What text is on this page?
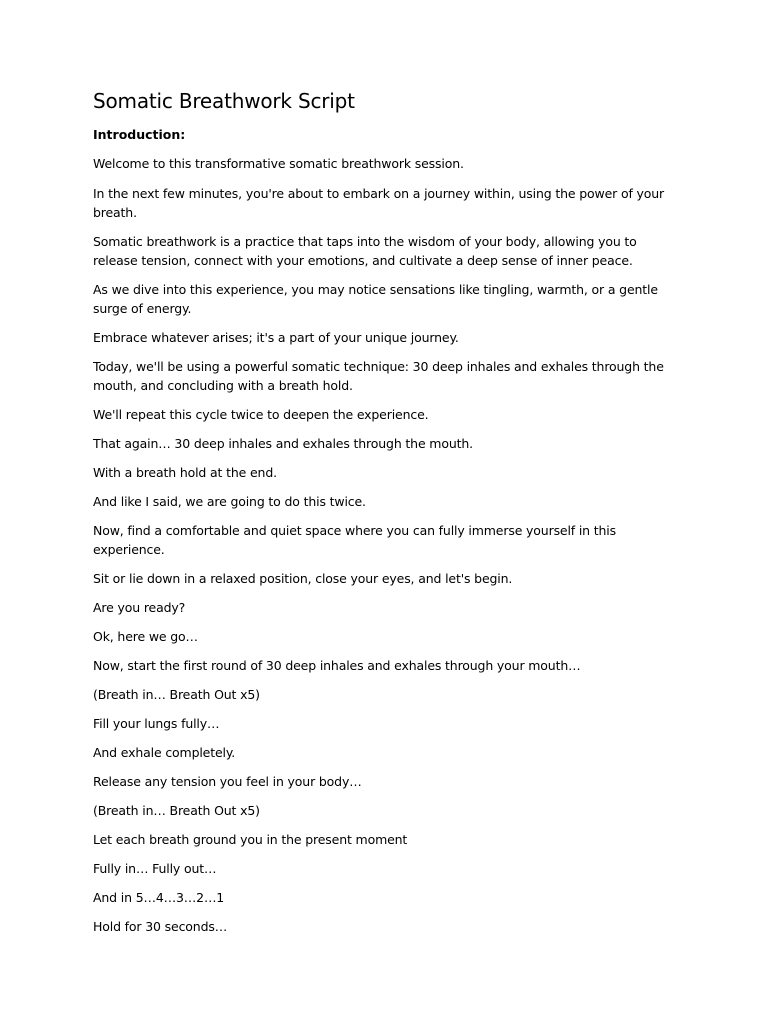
Somatic Breathwork Script

Introduction:

Welcome to this transformative somatic breathwork session.

In the next few minutes, you're about to embark on a journey within, using the power of your breath.

Somatic breathwork is a practice that taps into the wisdom of your body, allowing you to release tension, connect with your emotions, and cultivate a deep sense of inner peace.

As we dive into this experience, you may notice sensations like tingling, warmth, or a gentle surge of energy.

Embrace whatever arises; it's a part of your unique journey.

Today, we'll be using a powerful somatic technique: 30 deep inhales and exhales through the mouth, and concluding with a breath hold.

We'll repeat this cycle twice to deepen the experience.

That again… 30 deep inhales and exhales through the mouth.

With a breath hold at the end.

And like I said, we are going to do this twice.

Now, find a comfortable and quiet space where you can fully immerse yourself in this experience.

Sit or lie down in a relaxed position, close your eyes, and let's begin.

Are you ready?

Ok, here we go…

Now, start the first round of 30 deep inhales and exhales through your mouth…

(Breath in… Breath Out x5)

Fill your lungs fully…

And exhale completely.

Release any tension you feel in your body…

(Breath in… Breath Out x5)

Let each breath ground you in the present moment

Fully in… Fully out…

And in 5…4…3…2…1

Hold for 30 seconds…
